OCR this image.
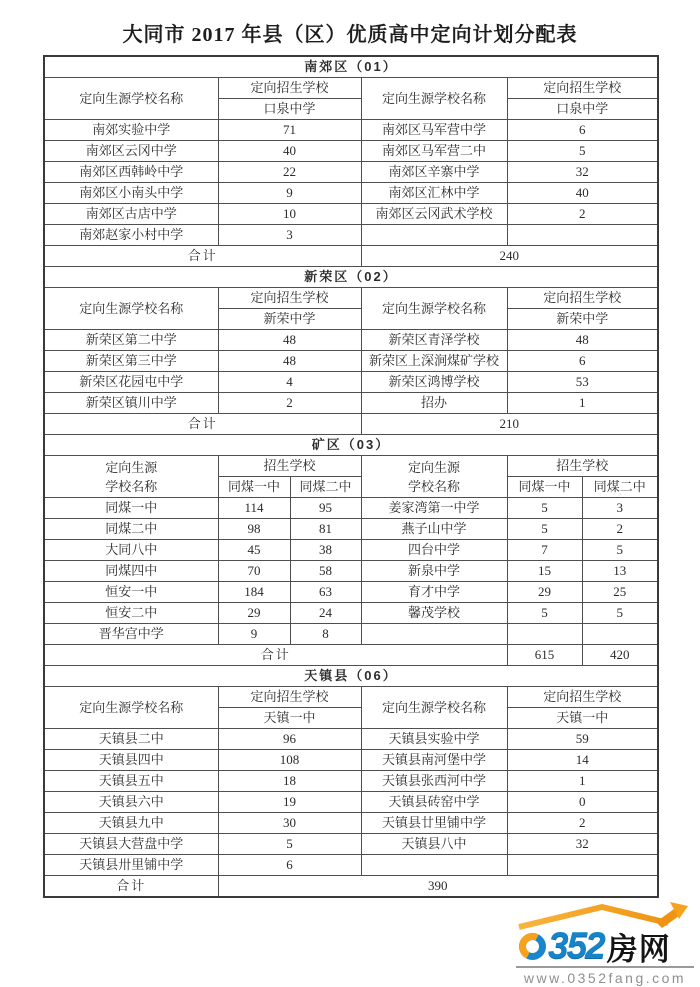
大同市 2017 年县（区）优质高中定向计划分配表
南郊区（01）					
定向生源学校名称	定向招生学校		定向生源学校名称	定向招生学校	
	口泉中学			口泉中学	
南郊实验中学	71		南郊区马军营中学	6	
南郊区云冈中学	40		南郊区马军营二中	5	
南郊区西韩岭中学	22		南郊区辛寨中学	32	
南郊区小南头中学	9		南郊区汇林中学	40	
南郊区古店中学	10		南郊区云冈武术学校	2	
南郊赵家小村中学	3				
合计			240		
新荣区（02）					
定向生源学校名称	定向招生学校		定向生源学校名称	定向招生学校	
	新荣中学			新荣中学	
新荣区第二中学	48		新荣区青泽学校	48	
新荣区第三中学	48		新荣区上深涧煤矿学校	6	
新荣区花园屯中学	4		新荣区鸿博学校	53	
新荣区镇川中学	2		招办	1	
合计			210		
矿区（03）					

定向生源
学校名称	招生学校		定向生源
学校名称	招生学校	
	同煤一中	同煤二中		同煤一中	同煤二中
同煤一中	114	95	姜家湾第一中学	5	3
同煤二中	98	81	燕子山中学	5	2
大同八中	45	38	四台中学	7	5
同煤四中	70	58	新泉中学	15	13
恒安一中	184	63	育才中学	29	25
恒安二中	29	24	馨茂学校	5	5
晋华宫中学	9	8			
合计				615	420
天镇县（06）					
定向生源学校名称	定向招生学校		定向生源学校名称	定向招生学校	
	天镇一中			天镇一中	
天镇县二中	96		天镇县实验中学	59	
天镇县四中	108		天镇县南河堡中学	14	
天镇县五中	18		天镇县张西河中学	1	
天镇县六中	19		天镇县砖窑中学	0	
天镇县九中	30		天镇县廿里铺中学	2	
天镇县大营盘中学	5		天镇县八中	32	
天镇县卅里铺中学	6				
合计	390				
352 房网
www.0352fang.com
